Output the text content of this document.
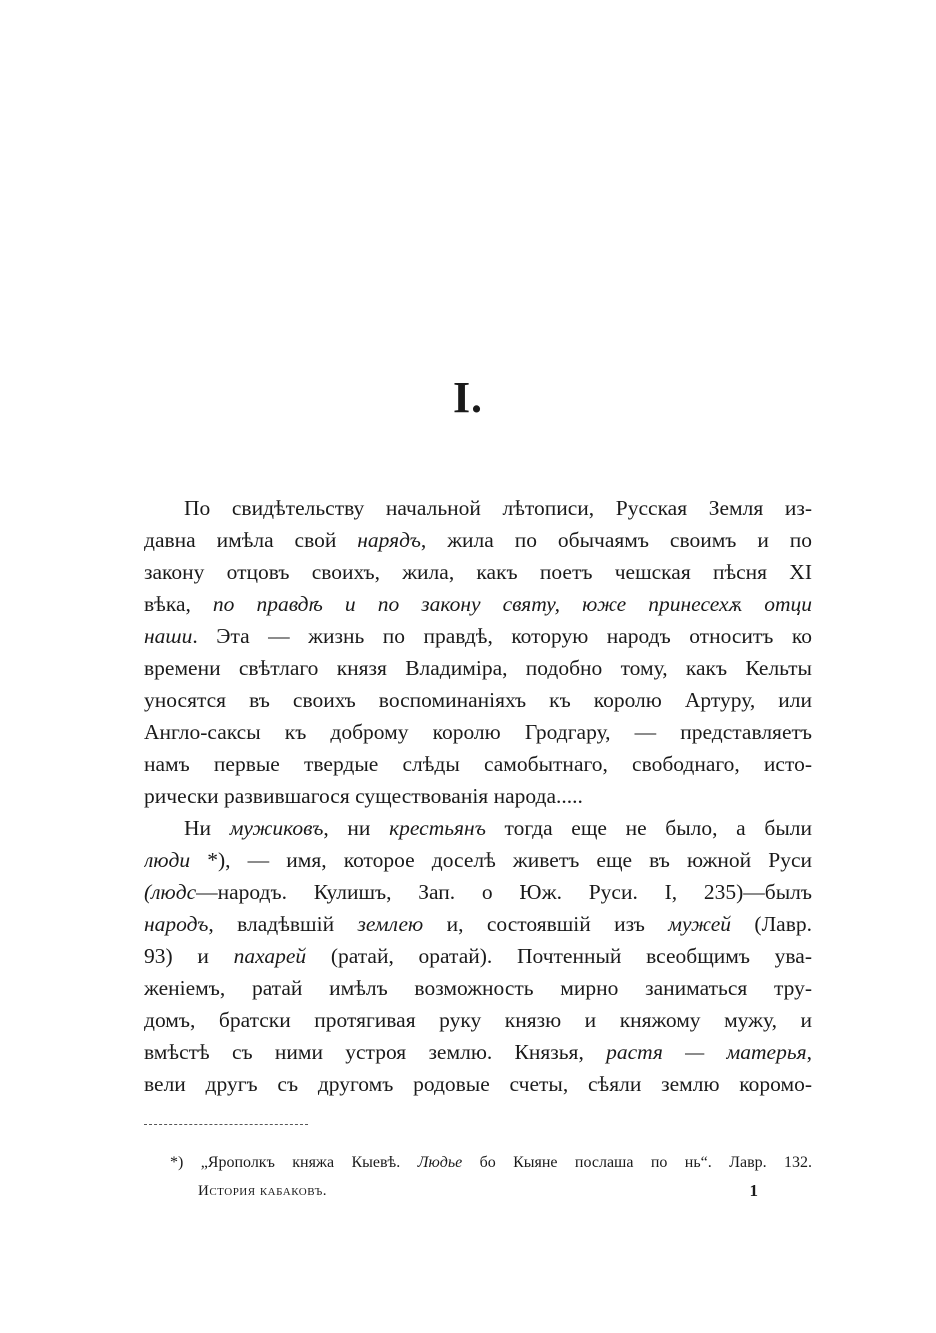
I.
По свидѣтельству начальной лѣтописи, Русская Земля из-
давна имѣла свой нарядъ, жила по обычаямъ своимъ и по
закону отцовъ своихъ, жила, какъ поетъ чешская пѣсня XI
вѣка, по правдѣ и по закону святу, юже принесехѫ отци
наши. Эта — жизнь по правдѣ, которую народъ относитъ ко
времени свѣтлаго князя Владиміра, подобно тому, какъ Кельты
уносятся въ своихъ воспоминаніяхъ къ королю Артуру, или
Англо-саксы къ доброму королю Гродгару, — представляетъ
намъ первые твердые слѣды самобытнаго, свободнаго, исто-
рически развившагося существованія народа.....
Ни мужиковъ, ни крестьянъ тогда еще не было, а были
люди *), — имя, которое доселѣ живетъ еще въ южной Руси
(людс—народъ. Кулишъ, Зап. о Юж. Руси. I, 235)—былъ
народъ, владѣвшій землею и, состоявшій изъ мужей (Лавр.
93) и пахарей (ратай, оратай). Почтенный всеобщимъ ува-
женіемъ, ратай имѣлъ возможность мирно заниматься тру-
домъ, братски протягивая руку князю и княжому мужу, и
вмѣстѣ съ ними устроя землю. Князья, растя — матерья,
вели другъ съ другомъ родовые счеты, сѣяли землю коромо-
*) „Ярополкъ княжа Кыевѣ. Людье бо Кыяне послаша по нь“. Лавр. 132.
История кабаковъ.	1
